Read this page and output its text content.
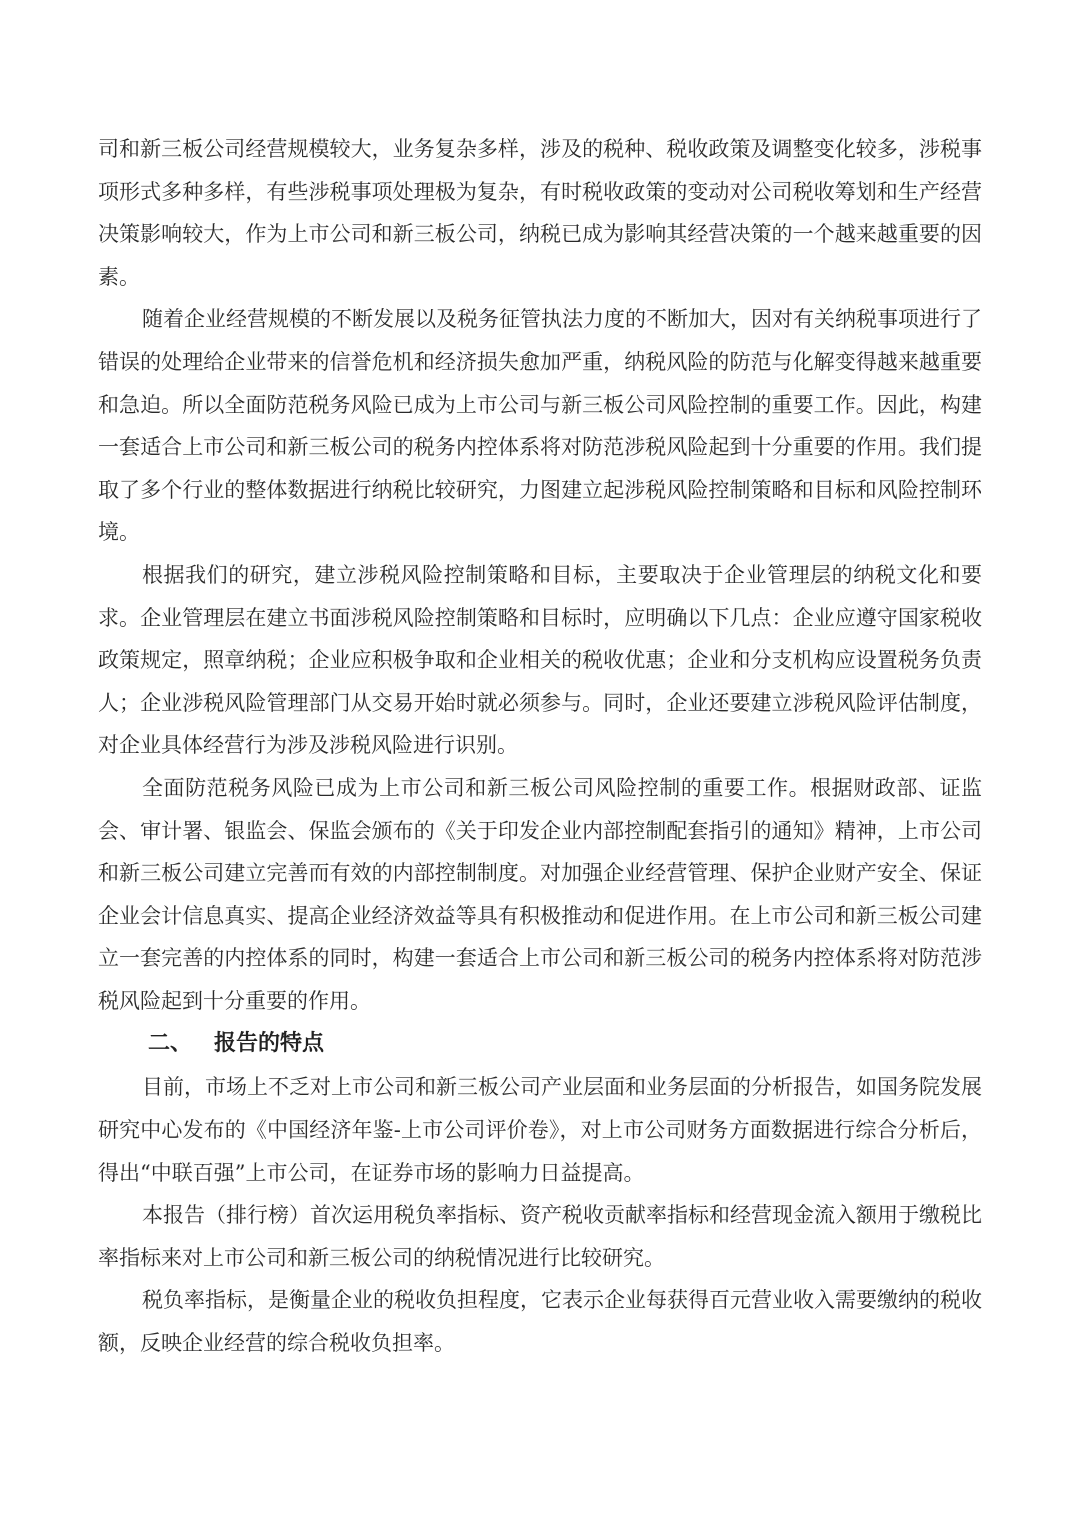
司和新三板公司经营规模较大，业务复杂多样，涉及的税种、税收政策及调整变化较多，涉税事项形式多种多样，有些涉税事项处理极为复杂，有时税收政策的变动对公司税收筹划和生产经营决策影响较大，作为上市公司和新三板公司，纳税已成为影响其经营决策的一个越来越重要的因素。

随着企业经营规模的不断发展以及税务征管执法力度的不断加大，因对有关纳税事项进行了错误的处理给企业带来的信誉危机和经济损失愈加严重，纳税风险的防范与化解变得越来越重要和急迫。所以全面防范税务风险已成为上市公司与新三板公司风险控制的重要工作。因此，构建一套适合上市公司和新三板公司的税务内控体系将对防范涉税风险起到十分重要的作用。我们提取了多个行业的整体数据进行纳税比较研究，力图建立起涉税风险控制策略和目标和风险控制环境。

根据我们的研究，建立涉税风险控制策略和目标，主要取决于企业管理层的纳税文化和要求。企业管理层在建立书面涉税风险控制策略和目标时，应明确以下几点：企业应遵守国家税收政策规定，照章纳税；企业应积极争取和企业相关的税收优惠；企业和分支机构应设置税务负责人；企业涉税风险管理部门从交易开始时就必须参与。同时，企业还要建立涉税风险评估制度，对企业具体经营行为涉及涉税风险进行识别。

全面防范税务风险已成为上市公司和新三板公司风险控制的重要工作。根据财政部、证监会、审计署、银监会、保监会颁布的《关于印发企业内部控制配套指引的通知》精神，上市公司和新三板公司建立完善而有效的内部控制制度。对加强企业经营管理、保护企业财产安全、保证企业会计信息真实、提高企业经济效益等具有积极推动和促进作用。在上市公司和新三板公司建立一套完善的内控体系的同时，构建一套适合上市公司和新三板公司的税务内控体系将对防范涉税风险起到十分重要的作用。

二、 报告的特点

目前，市场上不乏对上市公司和新三板公司产业层面和业务层面的分析报告，如国务院发展研究中心发布的《中国经济年鉴-上市公司评价卷》，对上市公司财务方面数据进行综合分析后，得出“中联百强”上市公司，在证券市场的影响力日益提高。

本报告（排行榜）首次运用税负率指标、资产税收贡献率指标和经营现金流入额用于缴税比率指标来对上市公司和新三板公司的纳税情况进行比较研究。

税负率指标，是衡量企业的税收负担程度，它表示企业每获得百元营业收入需要缴纳的税收额，反映企业经营的综合税收负担率。
